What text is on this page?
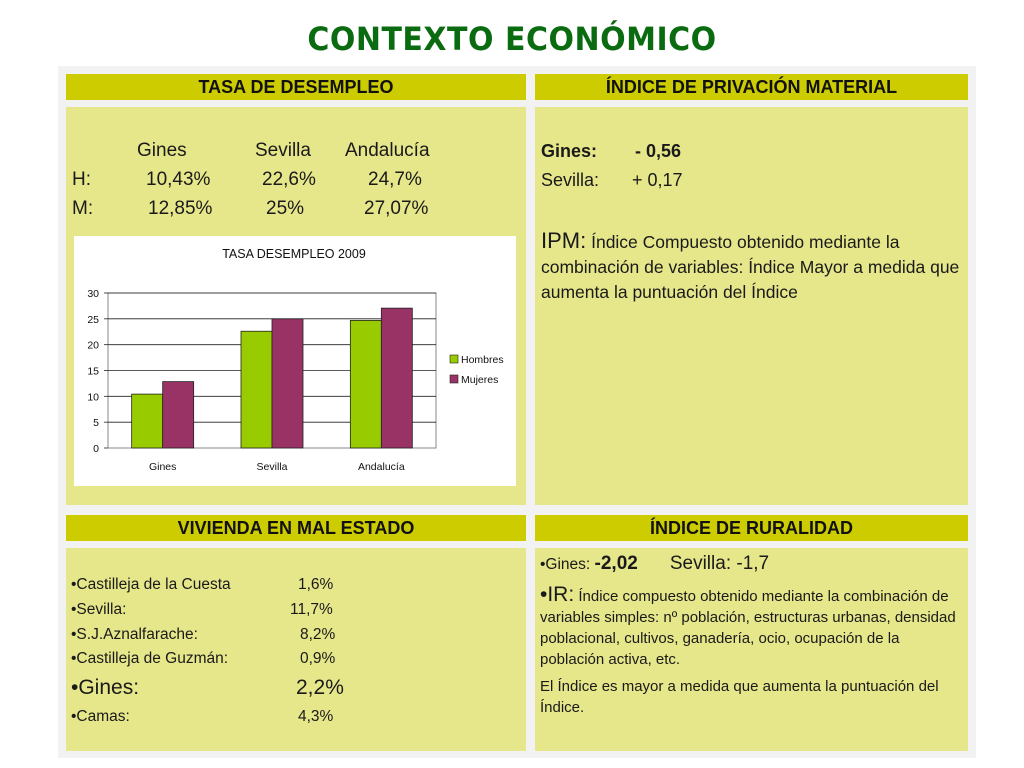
CONTEXTO ECONÓMICO
TASA DE DESEMPLEO	ÍNDICE DE PRIVACIÓN MATERIAL
VIVIENDA EN MAL ESTADO	ÍNDICE DE RURALIDAD
Gines	Sevilla Andalucía
H:	10,43%	22,6%	24,7%
M:	12,85%	25%	27,07%
TASA DESEMPLEO 2009
0
5
10
15
20
25
30
Gines	Sevilla	Andalucía
Hombres
Mujeres
Gines: - 0,56
Sevilla: + 0,17
IPM: Índice Compuesto obtenido mediante la combinación de variables: Índice Mayor a medida que aumenta la puntuación del Índice
•Castilleja de la Cuesta	1,6%
•Sevilla:	11,7%
•S.J.Aznalfarache:	8,2%
•Castilleja de Guzmán:	0,9%
•Gines:	2,2%
•Camas:	4,3%
•Gines: -2,02 Sevilla: -1,7
•IR: Índice compuesto obtenido mediante la combinación de variables simples: nº población, estructuras urbanas, densidad poblacional, cultivos, ganadería, ocio, ocupación de la población activa, etc.
El Índice es mayor a medida que aumenta la puntuación del Índice.
